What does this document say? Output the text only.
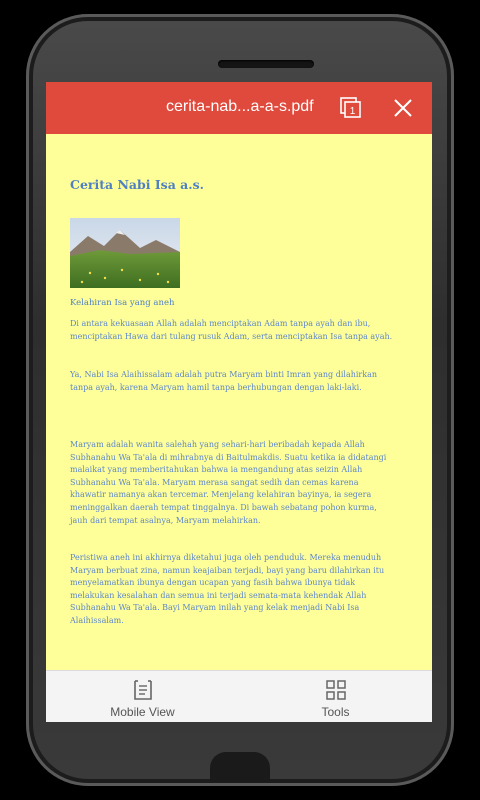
cerita-nab...a-a-s.pdf	1
Cerita Nabi Isa a.s.
Kelahiran Isa yang aneh
Di antara kekuasaan Allah adalah menciptakan Adam tanpa ayah dan ibu,
menciptakan Hawa dari tulang rusuk Adam, serta menciptakan Isa tanpa ayah.
Ya, Nabi Isa Alaihissalam adalah putra Maryam binti Imran yang dilahirkan
tanpa ayah, karena Maryam hamil tanpa berhubungan dengan laki-laki.
Maryam adalah wanita salehah yang sehari-hari beribadah kepada Allah
Subhanahu Wa Ta'ala di mihrabnya di Baitulmakdis. Suatu ketika ia didatangi
malaikat yang memberitahukan bahwa ia mengandung atas seizin Allah
Subhanahu Wa Ta'ala. Maryam merasa sangat sedih dan cemas karena
khawatir namanya akan tercemar. Menjelang kelahiran bayinya, ia segera
meninggalkan daerah tempat tinggalnya. Di bawah sebatang pohon kurma,
jauh dari tempat asalnya, Maryam melahirkan.
Peristiwa aneh ini akhirnya diketahui juga oleh penduduk. Mereka menuduh
Maryam berbuat zina, namun keajaiban terjadi, bayi yang baru dilahirkan itu
menyelamatkan ibunya dengan ucapan yang fasih bahwa ibunya tidak
melakukan kesalahan dan semua ini terjadi semata-mata kehendak Allah
Subhanahu Wa Ta'ala. Bayi Maryam inilah yang kelak menjadi Nabi Isa
Alaihissalam.
Mobile View	Tools
